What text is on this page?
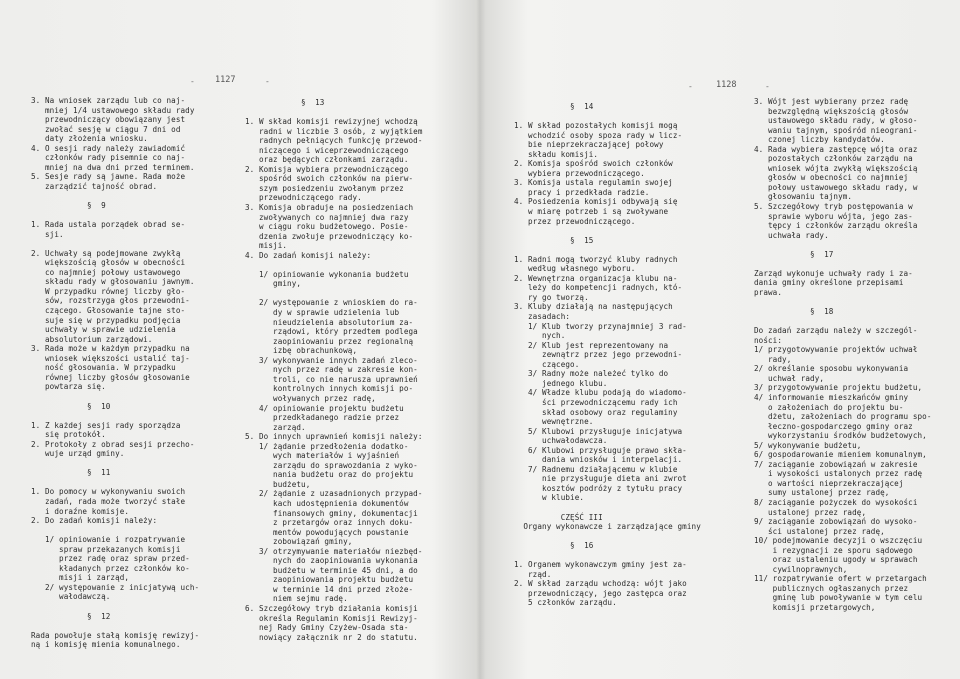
- 1127	-
-	1128	-
3. Na wniosek zarządu lub co naj-
mniej 1/4 ustawowego składu rady
przewodniczący obowiązany jest
zwołać sesję w ciągu 7 dni od
daty złożenia wniosku.
4. O sesji rady należy zawiadomić
członków rady pisemnie co naj-
mniej na dwa dni przed terminem.
5. Sesje rady są jawne. Rada może
zarządzić tajność obrad.
§  9
1. Rada ustala porządek obrad se-
sji.
2. Uchwały są podejmowane zwykłą
większością głosów w obecności
co najmniej połowy ustawowego
składu rady w głosowaniu jawnym.
W przypadku równej liczby gło-
sów, rozstrzyga głos przewodni-
czącego. Głosowanie tajne sto-
suje się w przypadku podjęcia
uchwały w sprawie udzielenia
absolutorium zarządowi.
3. Rada może w każdym przypadku na
wniosek większości ustalić taj-
ność głosowania. W przypadku
równej liczby głosów głosowanie
powtarza się.
§  10
1. Z każdej sesji rady sporządza
się protokół.
2. Protokoły z obrad sesji przecho-
wuje urząd gminy.
§  11
1. Do pomocy w wykonywaniu swoich
zadań, rada może tworzyć stałe
i doraźne komisje.
2. Do zadań komisji należy:
1/ opiniowanie i rozpatrywanie
spraw przekazanych komisji
przez radę oraz spraw przed-
kładanych przez członków ko-
misji i zarząd,
2/ występowanie z inicjatywą uch-
wałodawczą.
§  12
Rada powołuje stałą komisję rewizyj-
ną i komisję mienia komunalnego.
§  13
1. W skład komisji rewizyjnej wchodzą
radni w liczbie 3 osób, z wyjątkiem
radnych pełniących funkcję przewod-
niczącego i wiceprzewodniczącego
oraz będących członkami zarządu.
2. Komisja wybiera przewodniczącego
spośród swoich członków na pierw-
szym posiedzeniu zwołanym przez
przewodniczącego rady.
3. Komisja obraduje na posiedzeniach
zwoływanych co najmniej dwa razy
w ciągu roku budżetowego. Posie-
dzenia zwołuje przewodniczący ko-
misji.
4. Do zadań komisji należy:
1/ opiniowanie wykonania budżetu
gminy,
2/ występowanie z wnioskiem do ra-
dy w sprawie udzielenia lub
nieudzielenia absolutorium za-
rządowi, który przedtem podlega
zaopiniowaniu przez regionalną
izbę obrachunkową,
3/ wykonywanie innych zadań zleco-
nych przez radę w zakresie kon-
troli, co nie narusza uprawnień
kontrolnych innych komisji po-
woływanych przez radę,
4/ opiniowanie projektu budżetu
przedkładanego radzie przez
zarząd.
5. Do innych uprawnień komisji należy:
1/ żądanie przedłożenia dodatko-
wych materiałów i wyjaśnień
zarządu do sprawozdania z wyko-
nania budżetu oraz do projektu
budżetu,
2/ żądanie z uzasadnionych przypad-
kach udostępnienia dokumentów
finansowych gminy, dokumentacji
z przetargów oraz innych doku-
mentów powodujących powstanie
zobowiązań gminy,
3/ otrzymywanie materiałów niezbęd-
nych do zaopiniowania wykonania
budżetu w terminie 45 dni, a do
zaopiniowania projektu budżetu
w terminie 14 dni przed złoże-
niem sejmu radę.
6. Szczegółowy tryb działania komisji
określa Regulamin Komisji Rewizyj-
nej Rady Gminy Czyżew-Osada sta-
nowiący załącznik nr 2 do statutu.
§  14
1. W skład pozostałych komisji mogą
wchodzić osoby spoza rady w licz-
bie nieprzekraczającej połowy
składu komisji.
2. Komisja spośród swoich członków
wybiera przewodniczącego.
3. Komisja ustala regulamin swojej
pracy i przedkłada radzie.
4. Posiedzenia komisji odbywają się
w miarę potrzeb i są zwoływane
przez przewodniczącego.
§  15
1. Radni mogą tworzyć kluby radnych
według własnego wyboru.
2. Wewnętrzna organizacja klubu na-
leży do kompetencji radnych, któ-
ry go tworzą.
3. Kluby działają na następujących
zasadach:
1/ Klub tworzy przynajmniej 3 rad-
nych.
2/ Klub jest reprezentowany na
zewnątrz przez jego przewodni-
czącego.
3/ Radny może należeć tylko do
jednego klubu.
4/ Władze klubu podają do wiadomo-
ści przewodniczącemu rady ich
skład osobowy oraz regulaminy
wewnętrzne.
5/ Klubowi przysługuje inicjatywa
uchwałodawcza.
6/ Klubowi przysługuje prawo skła-
dania wniosków i interpelacji.
7/ Radnemu działającemu w klubie
nie przysługuje dieta ani zwrot
kosztów podróży z tytułu pracy
w klubie.
CZĘŚĆ III
Organy wykonawcze i zarządzające gminy
§  16
1. Organem wykonawczym gminy jest za-
rząd.
2. W skład zarządu wchodzą: wójt jako
przewodniczący, jego zastępca oraz
5 członków zarządu.
3. Wójt jest wybierany przez radę
bezwzględną większością głosów
ustawowego składu rady, w głoso-
waniu tajnym, spośród nieograni-
czonej liczby kandydatów.
4. Rada wybiera zastępcę wójta oraz
pozostałych członków zarządu na
wniosek wójta zwykłą większością
głosów w obecności co najmniej
połowy ustawowego składu rady, w
głosowaniu tajnym.
5. Szczegółowy tryb postępowania w
sprawie wyboru wójta, jego zas-
tępcy i członków zarządu określa
uchwała rady.
§  17
Zarząd wykonuje uchwały rady i za-
dania gminy określone przepisami
prawa.
§  18
Do zadań zarządu należy w szczegól-
ności:
1/ przygotowywanie projektów uchwał
rady,
2/ określanie sposobu wykonywania
uchwał rady,
3/ przygotowywanie projektu budżetu,
4/ informowanie mieszkańców gminy
o założeniach do projektu bu-
dżetu, założeniach do programu spo-
łeczno-gospodarczego gminy oraz
wykorzystaniu środków budżetowych,
5/ wykonywanie budżetu,
6/ gospodarowanie mieniem komunalnym,
7/ zaciąganie zobowiązań w zakresie
i wysokości ustalonych przez radę
o wartości nieprzekraczającej
sumy ustalonej przez radę,
8/ zaciąganie pożyczek do wysokości
ustalonej przez radę,
9/ zaciąganie zobowiązań do wysoko-
ści ustalonej przez radę,
10/ podejmowanie decyzji o wszczęciu
i rezygnacji ze sporu sądowego
oraz ustaleniu ugody w sprawach
cywilnoprawnych,
11/ rozpatrywanie ofert w przetargach
publicznych ogłaszanych przez
gminę lub powoływanie w tym celu
komisji przetargowych,
